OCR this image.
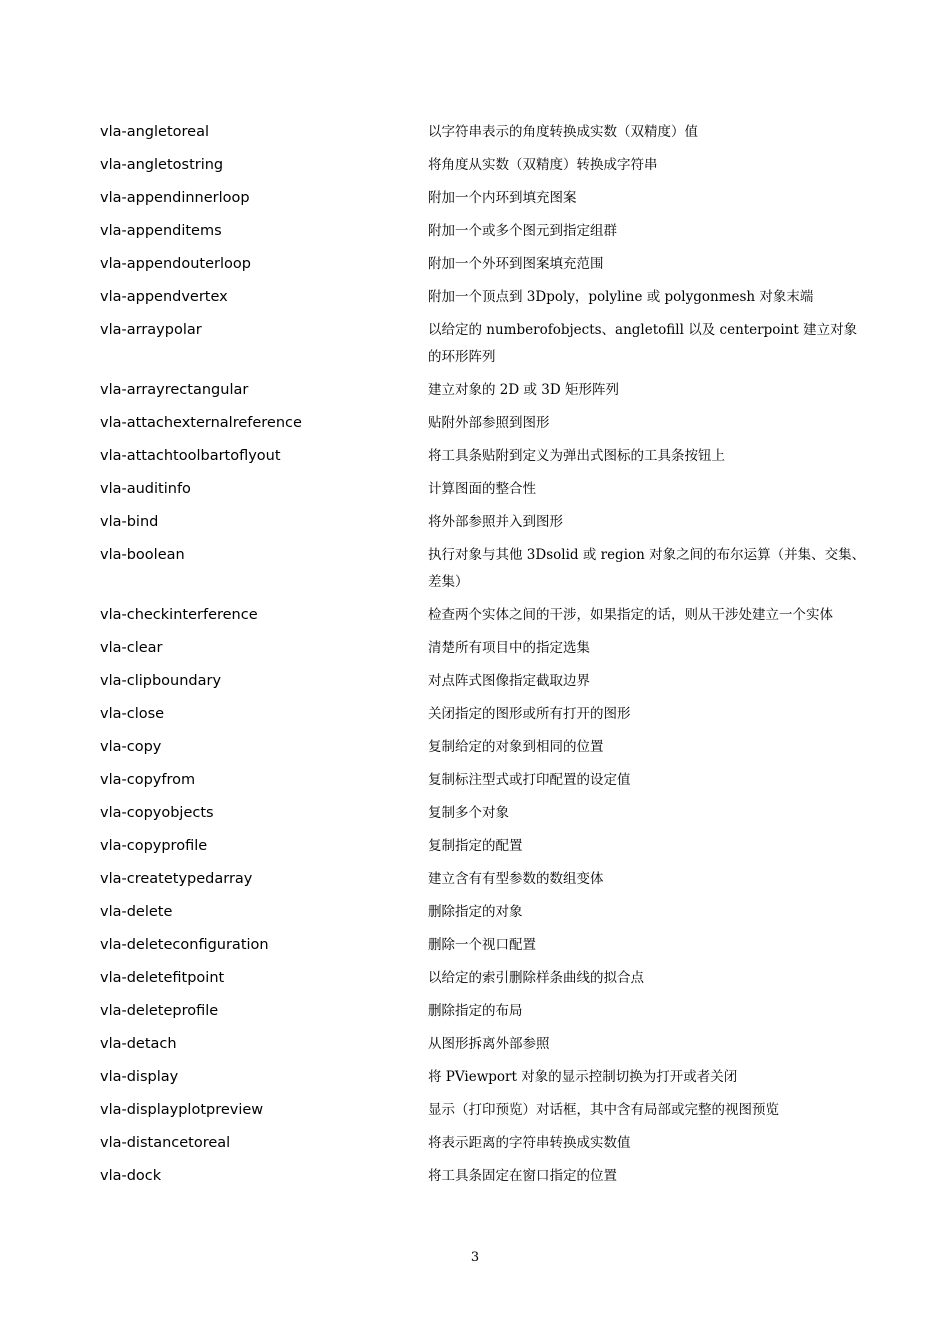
vla-angletoreal	以字符串表示的角度转换成实数（双精度）值
vla-angletostring	将角度从实数（双精度）转换成字符串
vla-appendinnerloop	附加一个内环到填充图案
vla-appenditems	附加一个或多个图元到指定组群
vla-appendouterloop	附加一个外环到图案填充范围
vla-appendvertex	附加一个顶点到 3Dpoly，polyline 或 polygonmesh 对象末端
vla-arraypolar	以给定的 numberofobjects、angletofill 以及 centerpoint 建立对象的环形阵列
vla-arrayrectangular	建立对象的 2D 或 3D 矩形阵列
vla-attachexternalreference	贴附外部参照到图形
vla-attachtoolbartoflyout	将工具条贴附到定义为弹出式图标的工具条按钮上
vla-auditinfo	计算图面的整合性
vla-bind	将外部参照并入到图形
vla-boolean	执行对象与其他 3Dsolid 或 region 对象之间的布尔运算（并集、交集、差集）
vla-checkinterference	检查两个实体之间的干涉，如果指定的话，则从干涉处建立一个实体
vla-clear	清楚所有项目中的指定选集
vla-clipboundary	对点阵式图像指定截取边界
vla-close	关闭指定的图形或所有打开的图形
vla-copy	复制给定的对象到相同的位置
vla-copyfrom	复制标注型式或打印配置的设定值
vla-copyobjects	复制多个对象
vla-copyprofile	复制指定的配置
vla-createtypedarray	建立含有有型参数的数组变体
vla-delete	删除指定的对象
vla-deleteconfiguration	删除一个视口配置
vla-deletefitpoint	以给定的索引删除样条曲线的拟合点
vla-deleteprofile	删除指定的布局
vla-detach	从图形拆离外部参照
vla-display	将 PViewport 对象的显示控制切换为打开或者关闭
vla-displayplotpreview	显示（打印预览）对话框，其中含有局部或完整的视图预览
vla-distancetoreal	将表示距离的字符串转换成实数值
vla-dock	将工具条固定在窗口指定的位置
3
